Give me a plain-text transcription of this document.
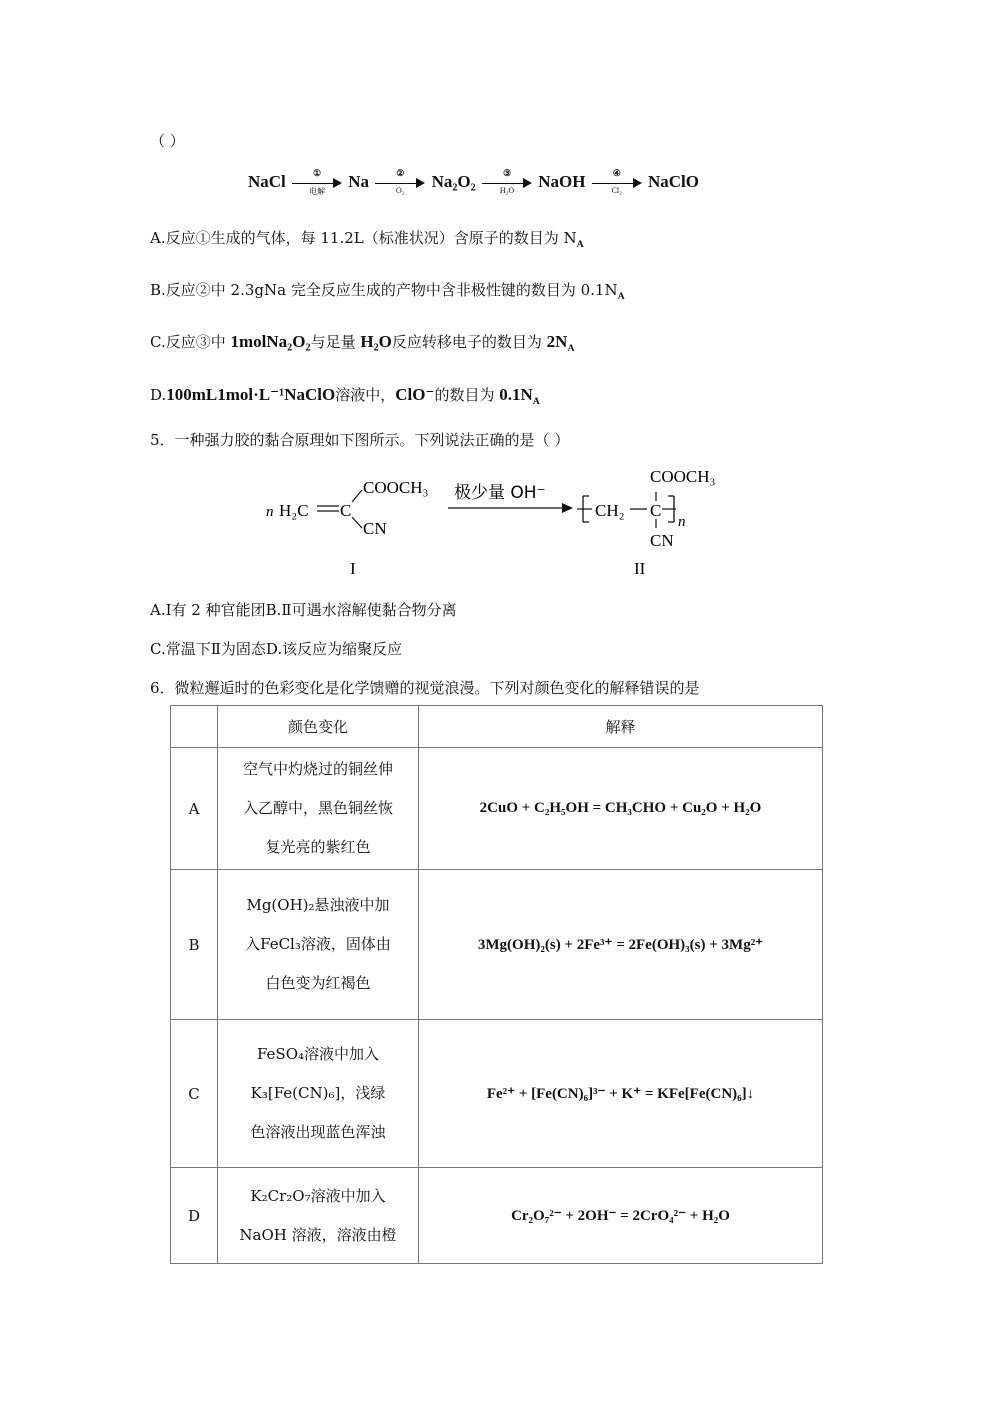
（ ）
NaCl	①
电解
Na	②
O₂	Na₂O₂	③
H₂O	NaOH	④
Cl₂	NaClO
A.反应①生成的气体，每 11.2L（标准状况）含原子的数目为 $N_A$
B.反应②中 2.3gNa 完全反应生成的产物中含非极性键的数目为 $0.1N_A$
C.反应③中 1molNa₂O₂与足量 H₂O反应转移电子的数目为 $2N_A$
D.100mL1mol·L⁻¹NaClO溶液中，ClO⁻的数目为 $0.1N_A$
5．一种强力胶的黏合原理如下图所示。下列说法正确的是（ ）
n H₂C C
COOCH₃
CN
极少量 OH⁻
CH₂ C
COOCH₃
CN
n
I	II
A.Ⅰ有 2 种官能团B.Ⅱ可遇水溶解使黏合物分离
C.常温下Ⅱ为固态D.该反应为缩聚反应
6．微粒邂逅时的色彩变化是化学馈赠的视觉浪漫。下列对颜色变化的解释错误的是
	颜色变化	解释
A	空气中灼烧过的铜丝伸
入乙醇中，黑色铜丝恢
复光亮的紫红色	2CuO + C₂H₅OH = CH₃CHO + Cu₂O + H₂O
B	Mg(OH)₂悬浊液中加
入FeCl₃溶液，固体由
白色变为红褐色	3Mg(OH)₂(s) + 2Fe³⁺ = 2Fe(OH)₃(s) + 3Mg²⁺
C	FeSO₄溶液中加入
K₃[Fe(CN)₆]，浅绿
色溶液出现蓝色浑浊	Fe²⁺ + [Fe(CN)₆]³⁻ + K⁺ = KFe[Fe(CN)₆]↓
D	K₂Cr₂O₇溶液中加入
NaOH 溶液，溶液由橙	Cr₂O₇²⁻ + 2OH⁻ = 2CrO₄²⁻ + H₂O
